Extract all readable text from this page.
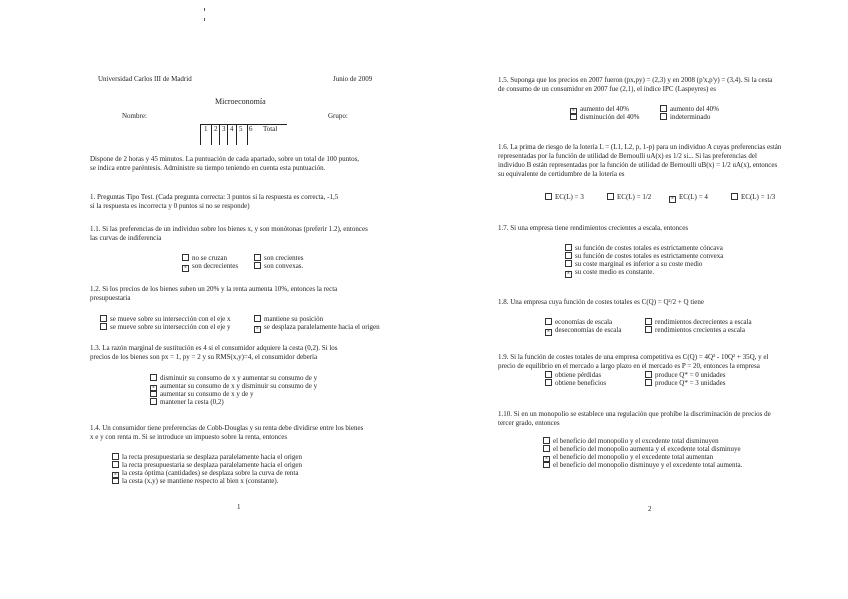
Universidad Carlos III de Madrid	Junio de 2009
Microeconomía
Nombre:	Grupo:
1 2 3 4 5 6 Total
Dispone de 2 horas y 45 minutos. La puntuación de cada apartado, sobre un total de 100 puntos,
se indica entre paréntesis. Administre su tiempo teniendo en cuenta esta puntuación.
1. Preguntas Tipo Test. (Cada pregunta correcta: 3 puntos si la respuesta es correcta, -1,5
si la respuesta es incorrecta y 0 puntos si no se responde)
1.1. Si las preferencias de un individuo sobre los bienes x, y son monótonas (preferir 1.2), entonces
las curvas de indiferencia
no se cruzan	son crecientes
× son decrecientes	son convexas.
1.2. Si los precios de los bienes suben un 20% y la renta aumenta 10%, entonces la recta
presupuestaria
se mueve sobre su intersección con el eje x	mantiene su posición
se mueve sobre su intersección con el eje y	× se desplaza paralelamente hacia el origen
1.3. La razón marginal de sustitución es 4 si el consumidor adquiere la cesta (0,2). Si los
precios de los bienes son px = 1, py = 2 y su RMS(x,y)=4, el consumidor debería
disminuir su consumo de x y aumentar su consumo de y
× aumentar su consumo de x y disminuir su consumo de y
aumentar su consumo de x y de y
mantener la cesta (0,2)
1.4. Un consumidor tiene preferencias de Cobb-Douglas y su renta debe dividirse entre los bienes
x e y con renta m. Si se introduce un impuesto sobre la renta, entonces
la recta presupuestaria se desplaza paralelamente hacia el origen
la recta presupuestaria se desplaza paralelamente hacia el origen
× la cesta óptima (cantidades) se desplaza sobre la curva de renta
la cesta (x,y) se mantiene respecto al bien x (constante).
1
1.5. Suponga que los precios en 2007 fueron (px,py) = (2,3) y en 2008 (p'x,p'y) = (3,4). Si la cesta
de consumo de un consumidor en 2007 fue (2,1), el índice IPC (Laspeyres) es
× aumento del 40%	aumento del 40%
disminución del 40%	indeterminado
1.6. La prima de riesgo de la lotería L = (L1, L2, p, 1-p) para un individuo A cuyas preferencias están
representadas por la función de utilidad de Bernoulli uA(x) es 1/2 si... Si las preferencias del
individuo B están representadas por la función de utilidad de Bernoulli uB(x) = 1/2 uA(x), entonces
su equivalente de certidumbre de la lotería es
EC(L) = 3	EC(L) = 1/2	× EC(L) = 4	EC(L) = 1/3
1.7. Si una empresa tiene rendimientos crecientes a escala, entonces
su función de costes totales es estrictamente cóncava
su función de costes totales es estrictamente convexa
su coste marginal es inferior a su coste medio
× su coste medio es constante.
1.8. Una empresa cuya función de costes totales es C(Q) = Q²/2 + Q tiene
economías de escala	rendimientos decrecientes a escala
× deseconomías de escala	rendimientos crecientes a escala
1.9. Si la función de costes totales de una empresa competitiva es C(Q) = 4Q³ - 10Q² + 35Q, y el
precio de equilibrio en el mercado a largo plazo en el mercado es P = 20, entonces la empresa
obtiene pérdidas	produce Q* = 0 unidades
obtiene beneficios	produce Q* = 3 unidades
1.10. Si en un monopolio se establece una regulación que prohíbe la discriminación de precios de
tercer grado, entonces
el beneficio del monopolio y el excedente total disminuyen
el beneficio del monopolio aumenta y el excedente total disminuye
× el beneficio del monopolio y el excedente total aumentan
el beneficio del monopolio disminuye y el excedente total aumenta.
2
